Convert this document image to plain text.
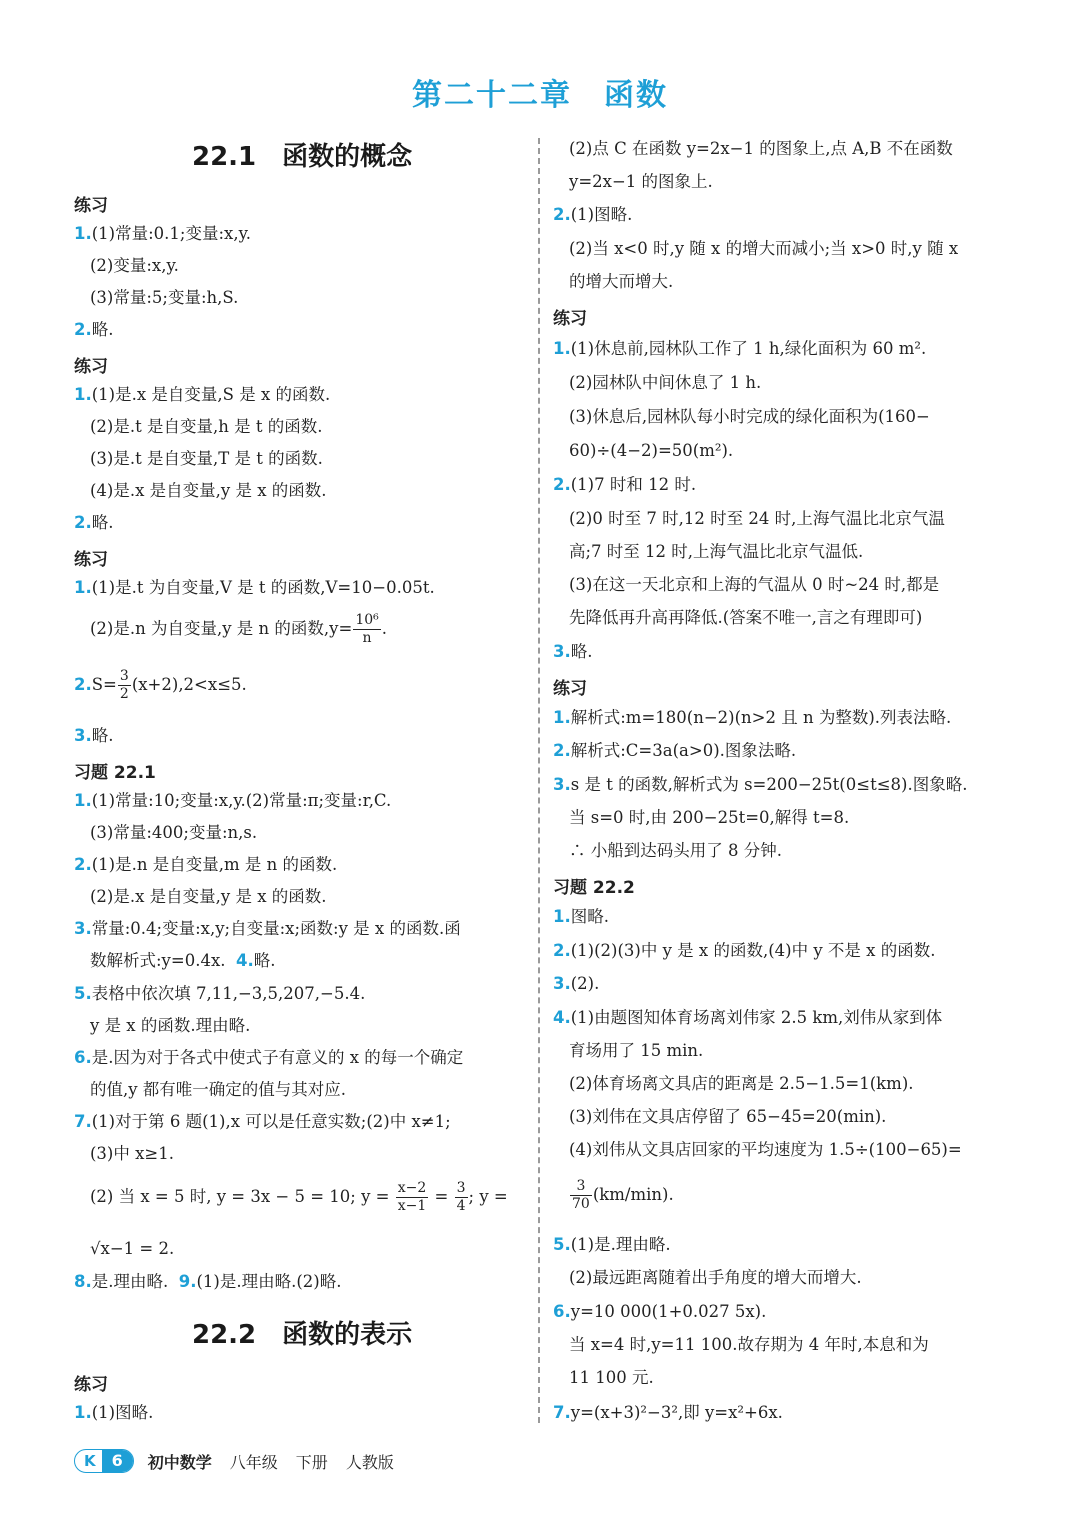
第二十二章　函数
22.1 函数的概念
22.2 函数的表示
练习
1.(1)常量:0.1;变量:x,y.
(2)变量:x,y.
(3)常量:5;变量:h,S.
2.略.
练习
1.(1)是.x 是自变量,S 是 x 的函数.
(2)是.t 是自变量,h 是 t 的函数.
(3)是.t 是自变量,T 是 t 的函数.
(4)是.x 是自变量,y 是 x 的函数.
2.略.
练习
1.(1)是.t 为自变量,V 是 t 的函数,V=10−0.05t.
(2)是.n 为自变量,y 是 n 的函数$,y= \frac{\text{10⁶}}{n}$ .
$2.S= \frac{3}{2} (x+2),2<x\le 5$.
3.略.
习题 22.1
1.(1)常量:10;变量:x,y.(2)常量:π;变量:r,C.
(3)常量:400;变量:n,s.
2.(1)是.n 是自变量,m 是 n 的函数.
(2)是.x 是自变量,y 是 x 的函数.
3.常量:0.4;变量:x,y;自变量:x;函数:y 是 x 的函数.函
数解析式:y=0.4x. 4.略.
5.表格中依次填 7,11,−3,5,207,−5.4.
y 是 x 的函数.理由略.
6.是.因为对于各式中使式子有意义的 x 的每一个确定
的值,y 都有唯一确定的值与其对应.
7.(1)对于第 6 题(1),x 可以是任意实数;(2)中 x≠1;
(3)中 x≥1.
(2) 当 x = 5 时, y = 3x − 5 = 10; $y = \frac{x-2}{x-1} = \frac{3}{4}$ ; y =
√x−1 = 2.
8.是.理由略. 9.(1)是.理由略.(2)略.
练习
1.(1)图略.
(2)点 C 在函数 y=2x−1 的图象上,点 A,B 不在函数
y=2x−1 的图象上.
2.(1)图略.
(2)当 x<0 时,y 随 x 的增大而减小;当 x>0 时,y 随 x
的增大而增大.
练习
1.(1)休息前,园林队工作了 1 h,绿化面积为 60 m².
(2)园林队中间休息了 1 h.
(3)休息后,园林队每小时完成的绿化面积为(160−
60)÷(4−2)=50(m²).
2.(1)7 时和 12 时.
(2)0 时至 7 时,12 时至 24 时,上海气温比北京气温
高;7 时至 12 时,上海气温比北京气温低.
(3)在这一天北京和上海的气温从 0 时~24 时,都是
先降低再升高再降低.(答案不唯一,言之有理即可)
3.略.
练习
1.解析式:m=180(n−2)(n>2 且 n 为整数).列表法略.
2.解析式:C=3a(a>0).图象法略.
3.s 是 t 的函数,解析式为 s=200−25t(0≤t≤8).图象略.
当 s=0 时,由 200−25t=0,解得 t=8.
∴ 小船到达码头用了 8 分钟.
习题 22.2
1.图略.
2.(1)(2)(3)中 y 是 x 的函数,(4)中 y 不是 x 的函数.
3.(2).
4.(1)由题图知体育场离刘伟家 2.5 km,刘伟从家到体
育场用了 15 min.
(2)体育场离文具店的距离是 2.5−1.5=1(km).
(3)刘伟在文具店停留了 65−45=20(min).
(4)刘伟从文具店回家的平均速度为 1.5÷(100−65)=
$\frac{3}{70} (km/\min)$.
5.(1)是.理由略.
(2)最远距离随着出手角度的增大而增大.
6.y=10 000(1+0.027 5x).
当 x=4 时,y=11 100.故存期为 4 年时,本息和为
11 100 元.
7.y=(x+3)²−3²,即 y=x²+6x.
K	6	初中数学 八年级 下册 人教版
